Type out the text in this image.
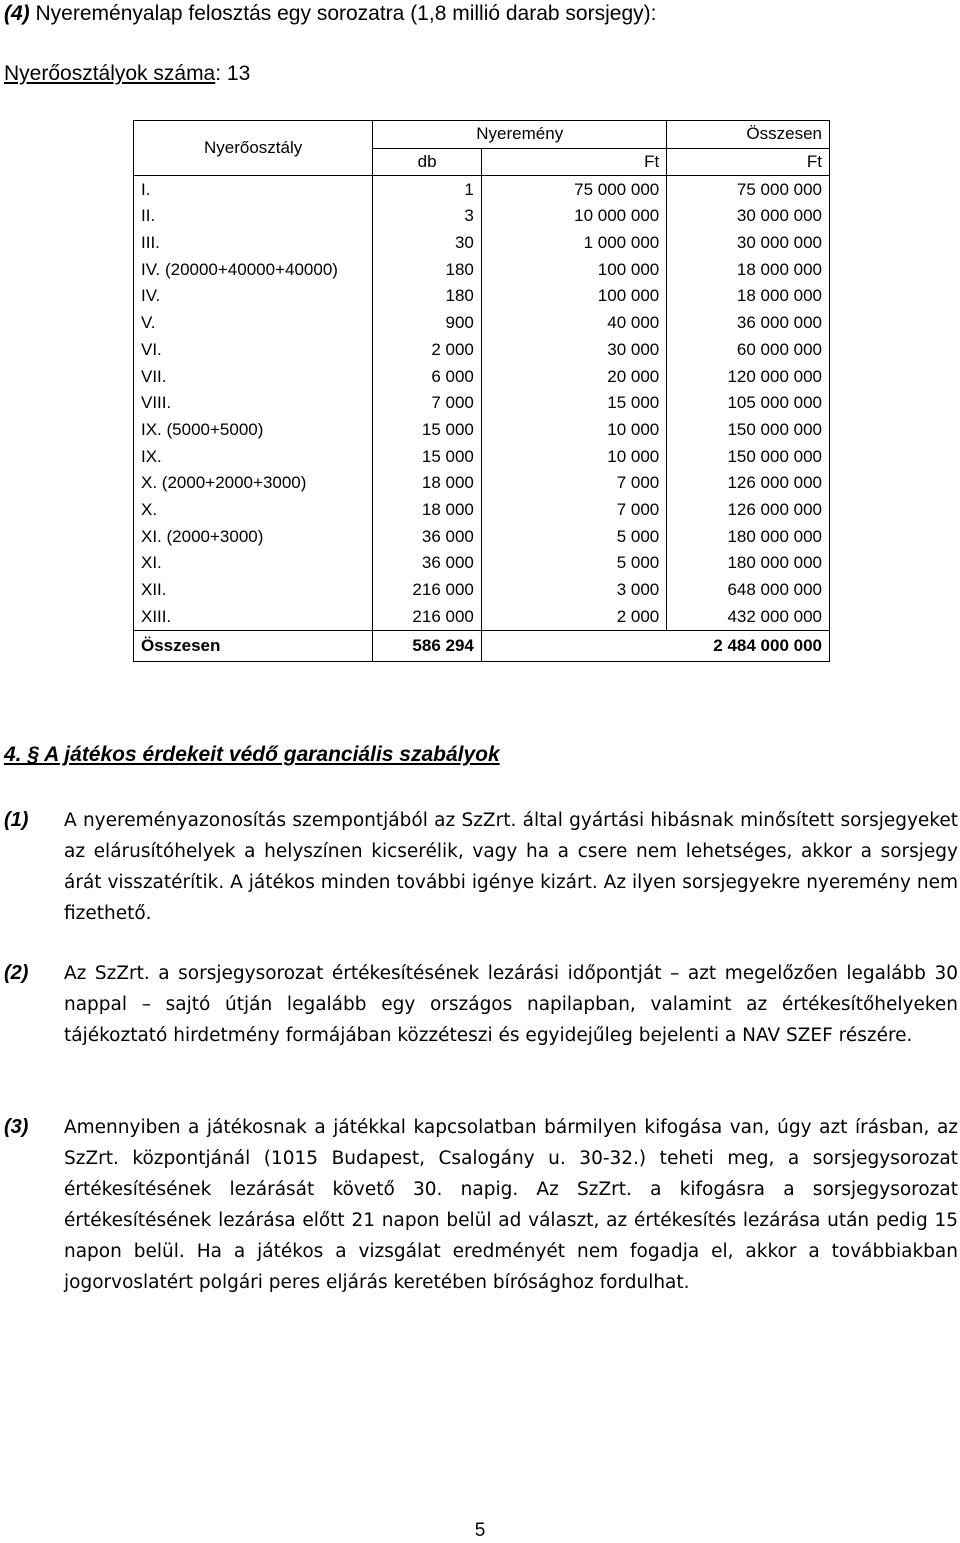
(4) Nyereményalap felosztás egy sorozatra (1,8 millió darab sorsjegy):
Nyerőosztályok száma: 13
Nyerőosztály	Nyeremény		Összesen
	db	Ft	Ft
I.	1	75 000 000	75 000 000
II.	3	10 000 000	30 000 000
III.	30	1 000 000	30 000 000
IV. (20000+40000+40000)	180	100 000	18 000 000
IV.	180	100 000	18 000 000
V.	900	40 000	36 000 000
VI.	2 000	30 000	60 000 000
VII.	6 000	20 000	120 000 000
VIII.	7 000	15 000	105 000 000
IX. (5000+5000)	15 000	10 000	150 000 000
IX.	15 000	10 000	150 000 000
X. (2000+2000+3000)	18 000	7 000	126 000 000
X.	18 000	7 000	126 000 000
XI. (2000+3000)	36 000	5 000	180 000 000
XI.	36 000	5 000	180 000 000
XII.	216 000	3 000	648 000 000
XIII.	216 000	2 000	432 000 000
Összesen	586 294	2 484 000 000	
4. § A játékos érdekeit védő garanciális szabályok
(1) A nyereményazonosítás szempontjából az SzZrt. által gyártási hibásnak minősített sorsjegyeket az elárusítóhelyek a helyszínen kicserélik, vagy ha a csere nem lehetséges, akkor a sorsjegy árát visszatérítik. A játékos minden további igénye kizárt. Az ilyen sorsjegyekre nyeremény nem fizethető.
(2) Az SzZrt. a sorsjegysorozat értékesítésének lezárási időpontját – azt megelőzően legalább 30 nappal – sajtó útján legalább egy országos napilapban, valamint az értékesítőhelyeken tájékoztató hirdetmény formájában közzéteszi és egyidejűleg bejelenti a NAV SZEF részére.
(3) Amennyiben a játékosnak a játékkal kapcsolatban bármilyen kifogása van, úgy azt írásban, az SzZrt. központjánál (1015 Budapest, Csalogány u. 30-32.) teheti meg, a sorsjegysorozat értékesítésének lezárását követő 30. napig. Az SzZrt. a kifogásra a sorsjegysorozat értékesítésének lezárása előtt 21 napon belül ad választ, az értékesítés lezárása után pedig 15 napon belül. Ha a játékos a vizsgálat eredményét nem fogadja el, akkor a továbbiakban jogorvoslatért polgári peres eljárás keretében bírósághoz fordulhat.
5
